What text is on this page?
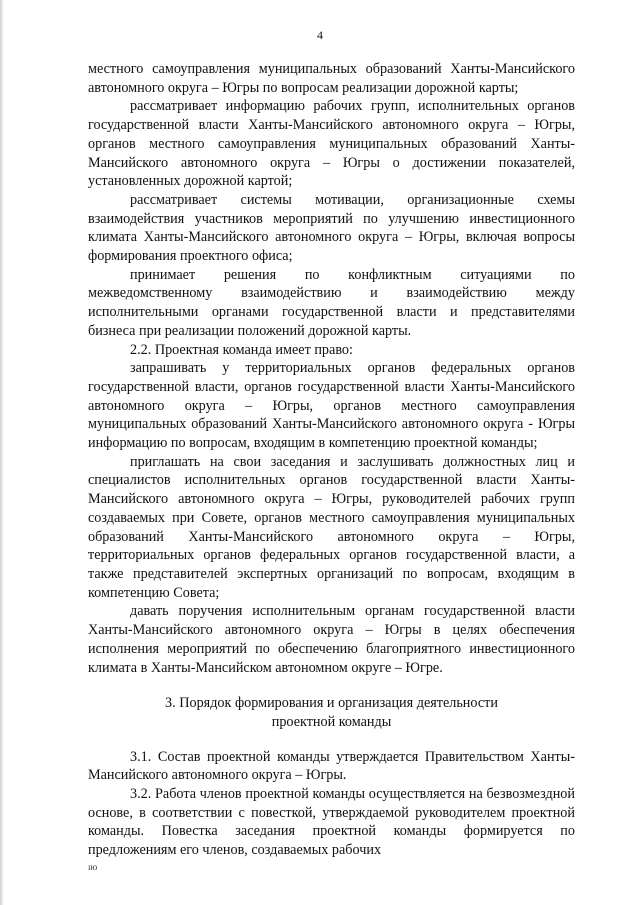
4

местного самоуправления муниципальных образований Ханты-Мансийского автономного округа – Югры по вопросам реализации дорожной карты;

рассматривает информацию рабочих групп, исполнительных органов государственной власти Ханты-Мансийского автономного округа – Югры, органов местного самоуправления муниципальных образований Ханты-Мансийского автономного округа – Югры о достижении показателей, установленных дорожной картой;

рассматривает системы мотивации, организационные схемы взаимодействия участников мероприятий по улучшению инвестиционного климата Ханты-Мансийского автономного округа – Югры, включая вопросы формирования проектного офиса;

принимает решения по конфликтным ситуациями по межведомственному взаимодействию и взаимодействию между исполнительными органами государственной власти и представителями бизнеса при реализации положений дорожной карты.

2.2. Проектная команда имеет право:

запрашивать у территориальных органов федеральных органов государственной власти, органов государственной власти Ханты-Мансийского автономного округа – Югры, органов местного самоуправления муниципальных образований Ханты-Мансийского автономного округа - Югры информацию по вопросам, входящим в компетенцию проектной команды;

приглашать на свои заседания и заслушивать должностных лиц и специалистов исполнительных органов государственной власти Ханты-Мансийского автономного округа – Югры, руководителей рабочих групп создаваемых при Совете, органов местного самоуправления муниципальных образований Ханты-Мансийского автономного округа – Югры, территориальных органов федеральных органов государственной власти, а также представителей экспертных организаций по вопросам, входящим в компетенцию Совета;

давать поручения исполнительным органам государственной власти Ханты-Мансийского автономного округа – Югры в целях обеспечения исполнения мероприятий по обеспечению благоприятного инвестиционного климата в Ханты-Мансийском автономном округе – Югре.

3. Порядок формирования и организация деятельности
проектной команды

3.1. Состав проектной команды утверждается Правительством Ханты-Мансийского автономного округа – Югры.

3.2. Работа членов проектной команды осуществляется на безвозмездной основе, в соответствии с повесткой, утверждаемой руководителем проектной команды. Повестка заседания проектной команды формируется по предложениям его членов, создаваемых рабочих

ıю
